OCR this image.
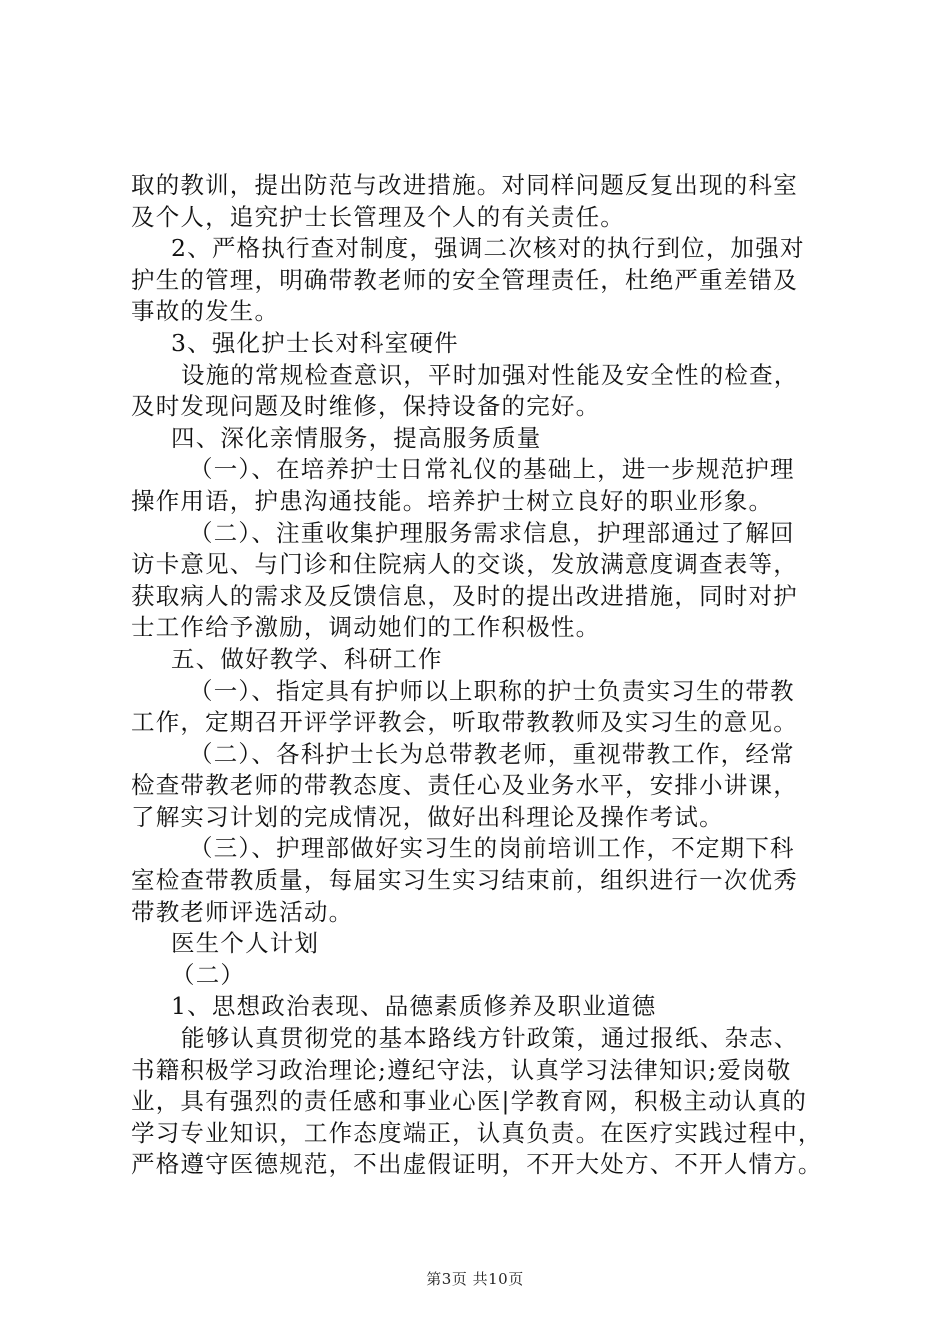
取的教训，提出防范与改进措施。对同样问题反复出现的科室
及个人，追究护士长管理及个人的有关责任。
2、严格执行查对制度，强调二次核对的执行到位，加强对
护生的管理，明确带教老师的安全管理责任，杜绝严重差错及
事故的发生。
3、强化护士长对科室硬件
设施的常规检查意识，平时加强对性能及安全性的检查，
及时发现问题及时维修，保持设备的完好。
四、深化亲情服务，提高服务质量
（一）、在培养护士日常礼仪的基础上，进一步规范护理
操作用语，护患沟通技能。培养护士树立良好的职业形象。
（二）、注重收集护理服务需求信息，护理部通过了解回
访卡意见、与门诊和住院病人的交谈，发放满意度调查表等，
获取病人的需求及反馈信息，及时的提出改进措施，同时对护
士工作给予激励，调动她们的工作积极性。
五、做好教学、科研工作
（一）、指定具有护师以上职称的护士负责实习生的带教
工作，定期召开评学评教会，听取带教教师及实习生的意见。
（二）、各科护士长为总带教老师，重视带教工作，经常
检查带教老师的带教态度、责任心及业务水平，安排小讲课，
了解实习计划的完成情况，做好出科理论及操作考试。
（三）、护理部做好实习生的岗前培训工作，不定期下科
室检查带教质量，每届实习生实习结束前，组织进行一次优秀
带教老师评选活动。
医生个人计划
（二）
1、思想政治表现、品德素质修养及职业道德
能够认真贯彻党的基本路线方针政策，通过报纸、杂志、
书籍积极学习政治理论;遵纪守法，认真学习法律知识;爱岗敬
业，具有强烈的责任感和事业心医|学教育网，积极主动认真的
学习专业知识，工作态度端正，认真负责。在医疗实践过程中，
严格遵守医德规范，不出虚假证明，不开大处方、不开人情方。
第3页 共10页
